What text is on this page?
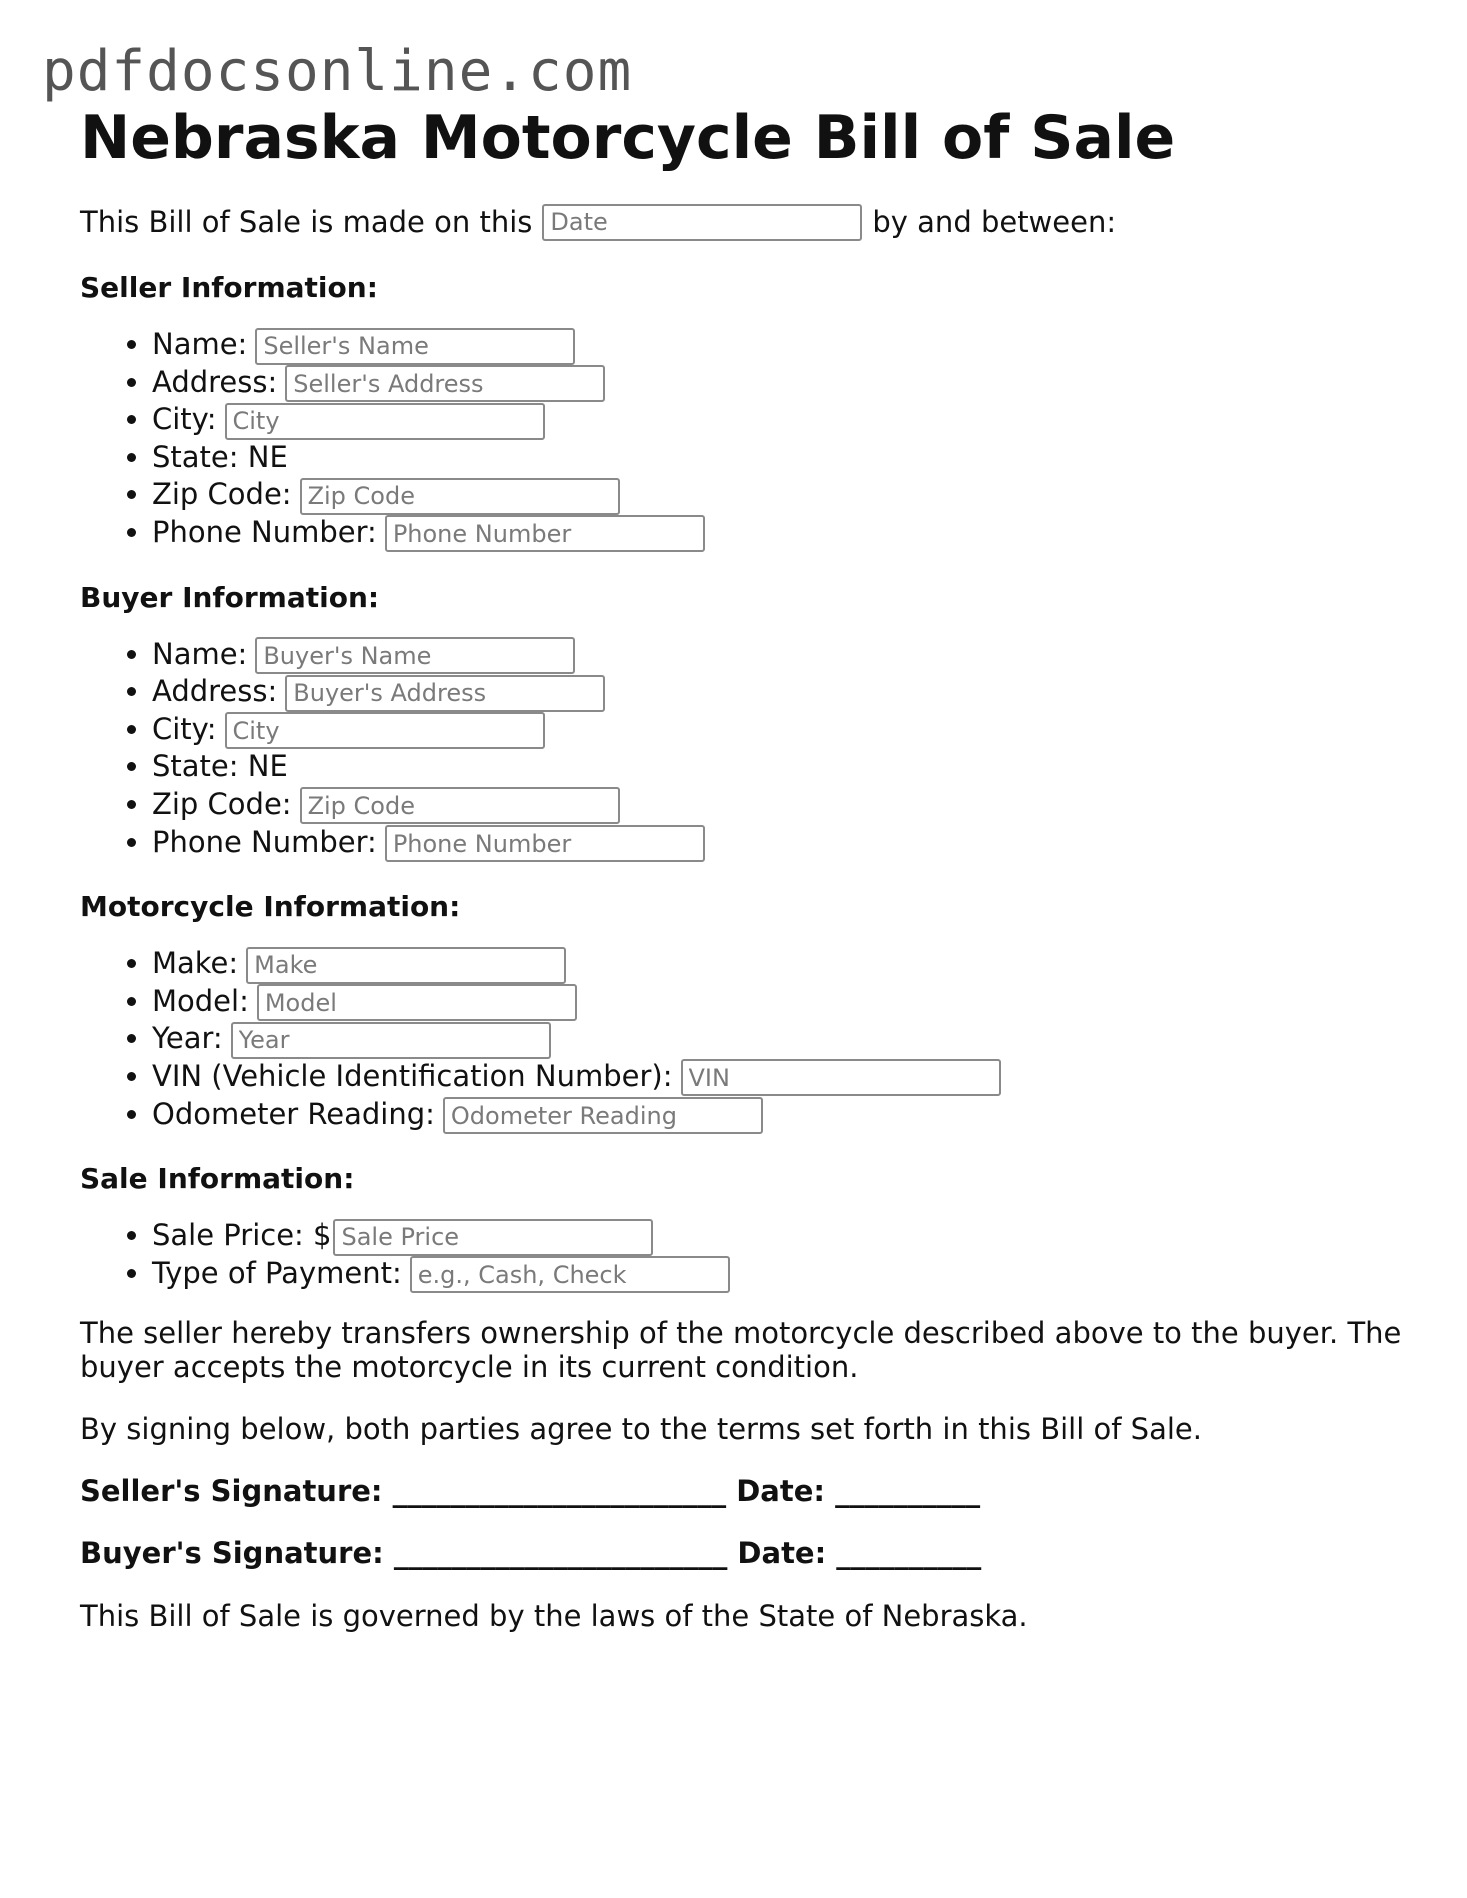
pdfdocsonline.com
Nebraska Motorcycle Bill of Sale
This Bill of Sale is made on this
Date	by and between:
Seller Information:
• Name:Seller's Name
• Address:Seller's Address
• City:City
• State: NE
• Zip Code:Zip Code
• Phone Number:Phone Number
Buyer Information:
• Name:Buyer's Name
• Address:Buyer's Address
• City:City
• State: NE
• Zip Code:Zip Code
• Phone Number:Phone Number
Motorcycle Information:
• Make:Make
• Model:Model
• Year:Year
• VIN (Vehicle Identification Number):VIN
• Odometer Reading:Odometer Reading
Sale Information:
• Sale Price: $Sale Price
• Type of Payment:e.g., Cash, Check

The seller hereby transfers ownership of the motorcycle described above to the buyer. The buyer accepts the motorcycle in its current condition.

By signing below, both parties agree to the terms set forth in this Bill of Sale.

Seller's Signature: _______________________ Date: __________
Buyer's Signature: _______________________ Date: __________

This Bill of Sale is governed by the laws of the State of Nebraska.
